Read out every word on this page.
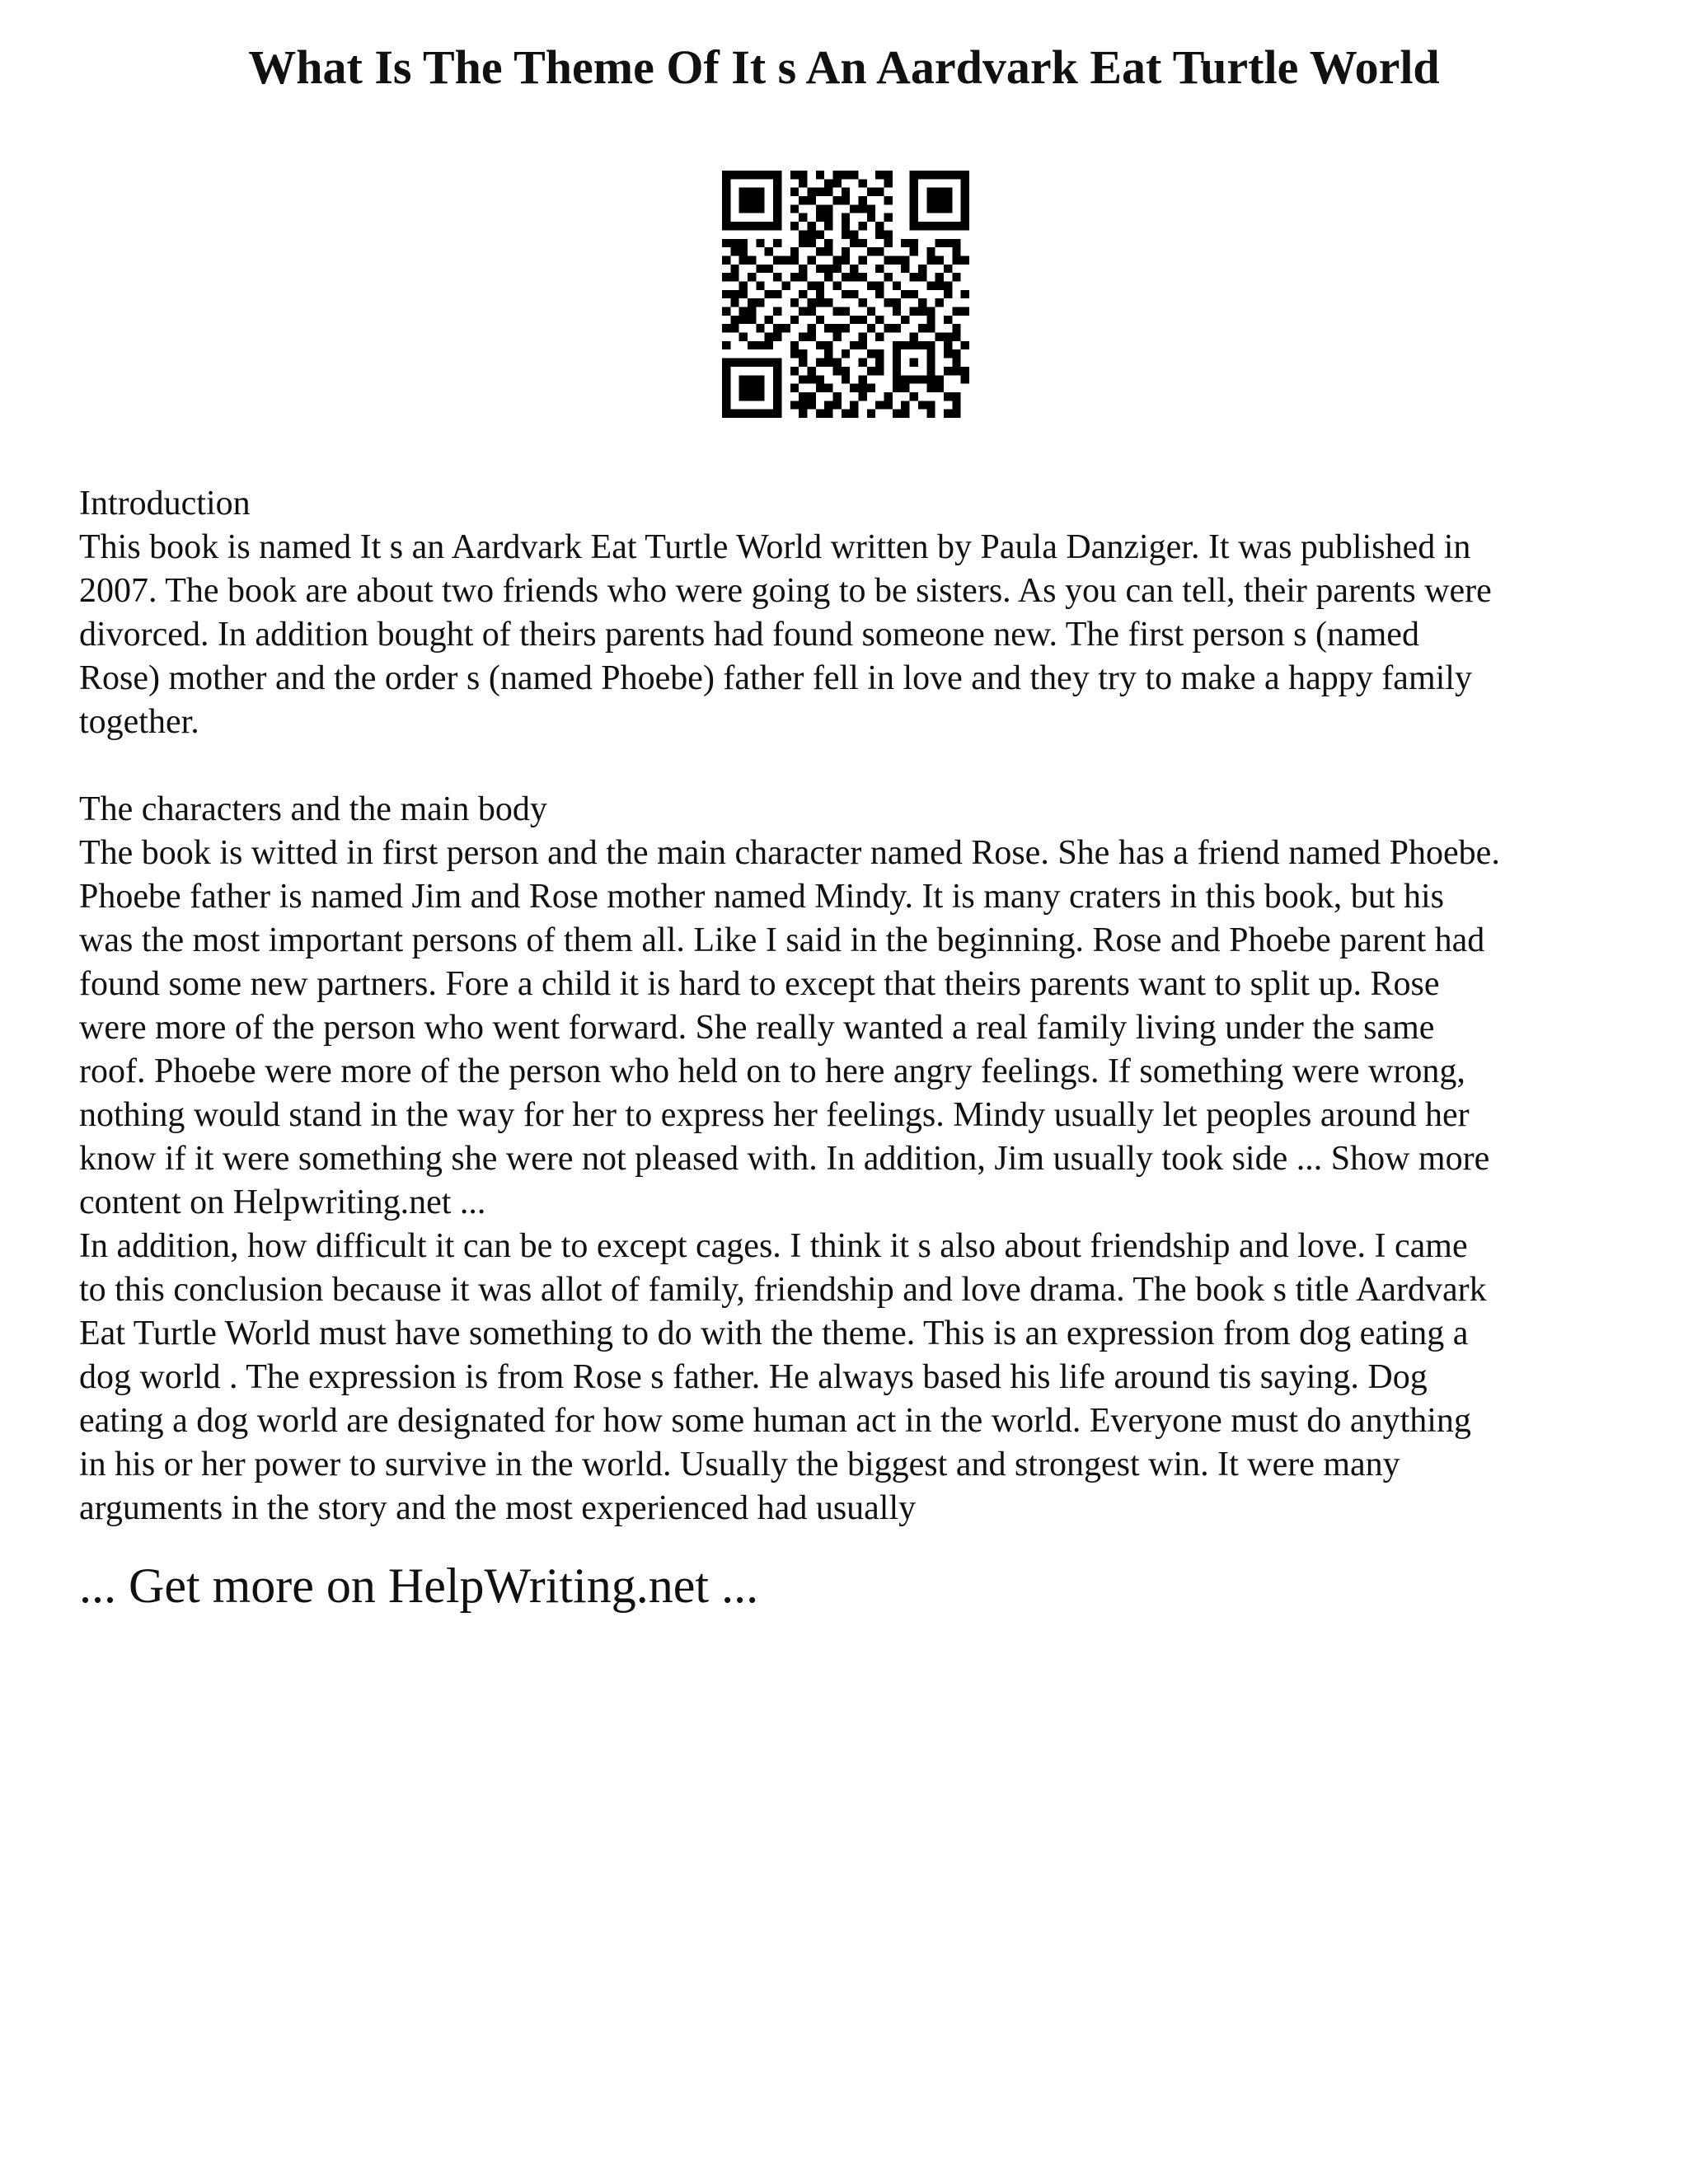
What Is The Theme Of It s An Aardvark Eat Turtle World

Introduction
This book is named It s an Aardvark Eat Turtle World written by Paula Danziger. It was published in
2007. The book are about two friends who were going to be sisters. As you can tell, their parents were
divorced. In addition bought of theirs parents had found someone new. The first person s (named
Rose) mother and the order s (named Phoebe) father fell in love and they try to make a happy family
together.

The characters and the main body
The book is witted in first person and the main character named Rose. She has a friend named Phoebe.
Phoebe father is named Jim and Rose mother named Mindy. It is many craters in this book, but his
was the most important persons of them all. Like I said in the beginning. Rose and Phoebe parent had
found some new partners. Fore a child it is hard to except that theirs parents want to split up. Rose
were more of the person who went forward. She really wanted a real family living under the same
roof. Phoebe were more of the person who held on to here angry feelings. If something were wrong,
nothing would stand in the way for her to express her feelings. Mindy usually let peoples around her
know if it were something she were not pleased with. In addition, Jim usually took side ... Show more
content on Helpwriting.net ...

In addition, how difficult it can be to except cages. I think it s also about friendship and love. I came
to this conclusion because it was allot of family, friendship and love drama. The book s title Aardvark
Eat Turtle World must have something to do with the theme. This is an expression from dog eating a
dog world . The expression is from Rose s father. He always based his life around tis saying. Dog
eating a dog world are designated for how some human act in the world. Everyone must do anything
in his or her power to survive in the world. Usually the biggest and strongest win. It were many
arguments in the story and the most experienced had usually

... Get more on HelpWriting.net ...
